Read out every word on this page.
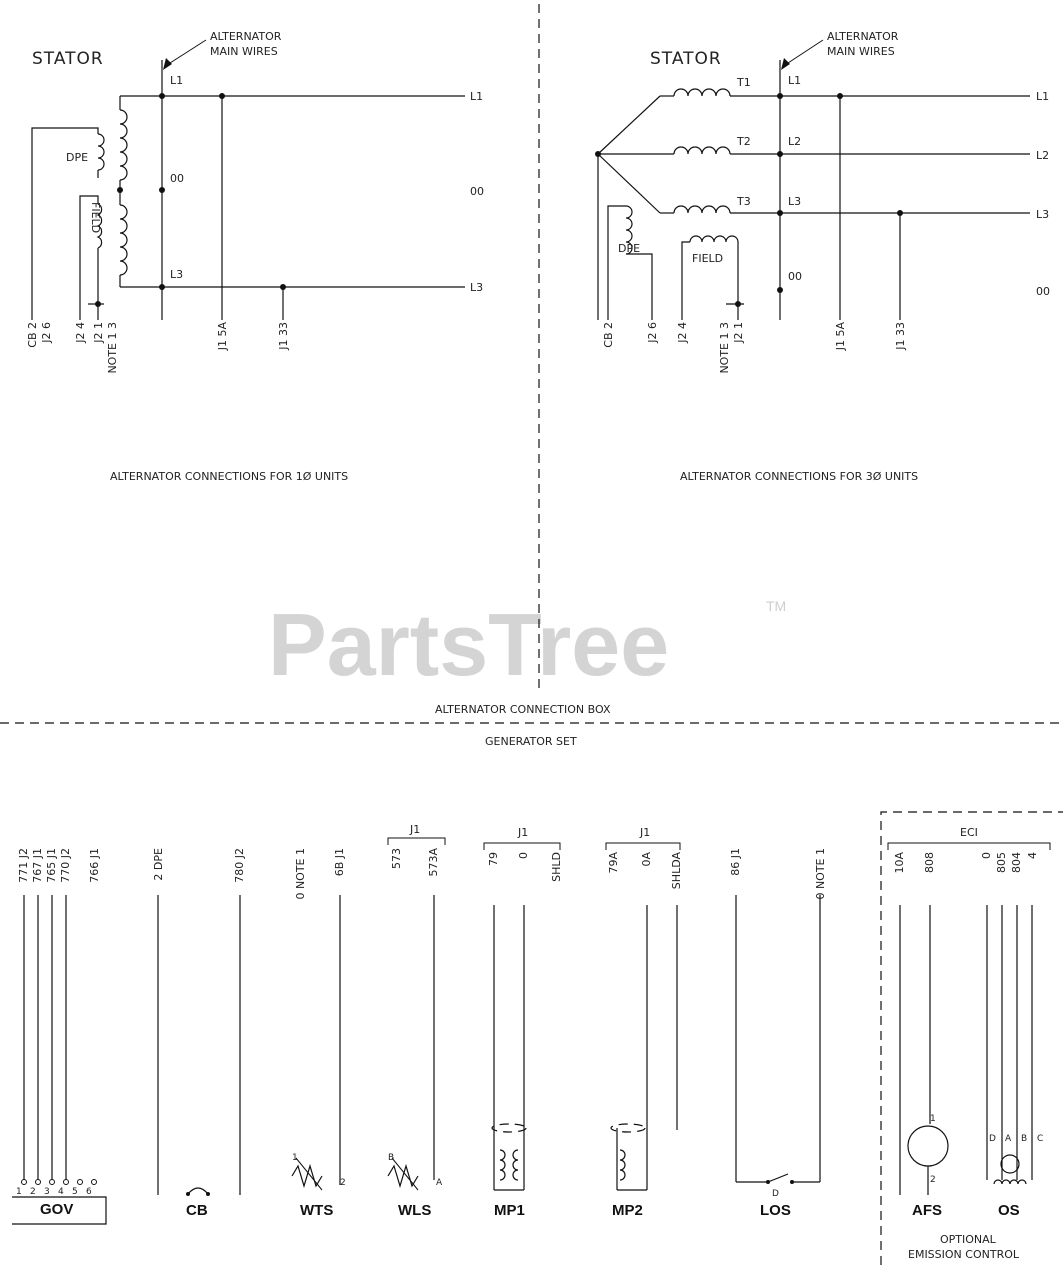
PartsTree	TM
ALTERNATOR CONNECTION BOX
GENERATOR SET
STATOR
ALTERNATOR
MAIN WIRES
L1
L3
00
L1
L3
00
DPE
FIELD
CB 2 J2 6 J2 4 J2 1 NOTE 1 3	J1 5A	J1 33
ALTERNATOR CONNECTIONS FOR 1Ø UNITS
STATOR
ALTERNATOR
MAIN WIRES
T1
T2
T3
L1
L2
L3
00
L1
L2
L3
00
DPE
FIELD
CB 2	J2 6 J2 4	NOTE 1 3 J2 1	J1 5A	J1 33
ALTERNATOR CONNECTIONS FOR 3Ø UNITS
771 J2 767 J1 765 J1 770 J2 766 J1
1 2 3 4 5 6
GOV
2 DPE	780 J2
CB
0 NOTE 1 6B J1
1
2
WTS
J1
573 573A
B
A
WLS
J1
79 0 SHLD
MP1
J1
79A 0A SHLDA
MP2
86 J1	0 NOTE 1
D
LOS
ECI
10A 808
1
2
AFS
0 805 804 4
D A B C
OS
OPTIONAL
EMISSION CONTROL
